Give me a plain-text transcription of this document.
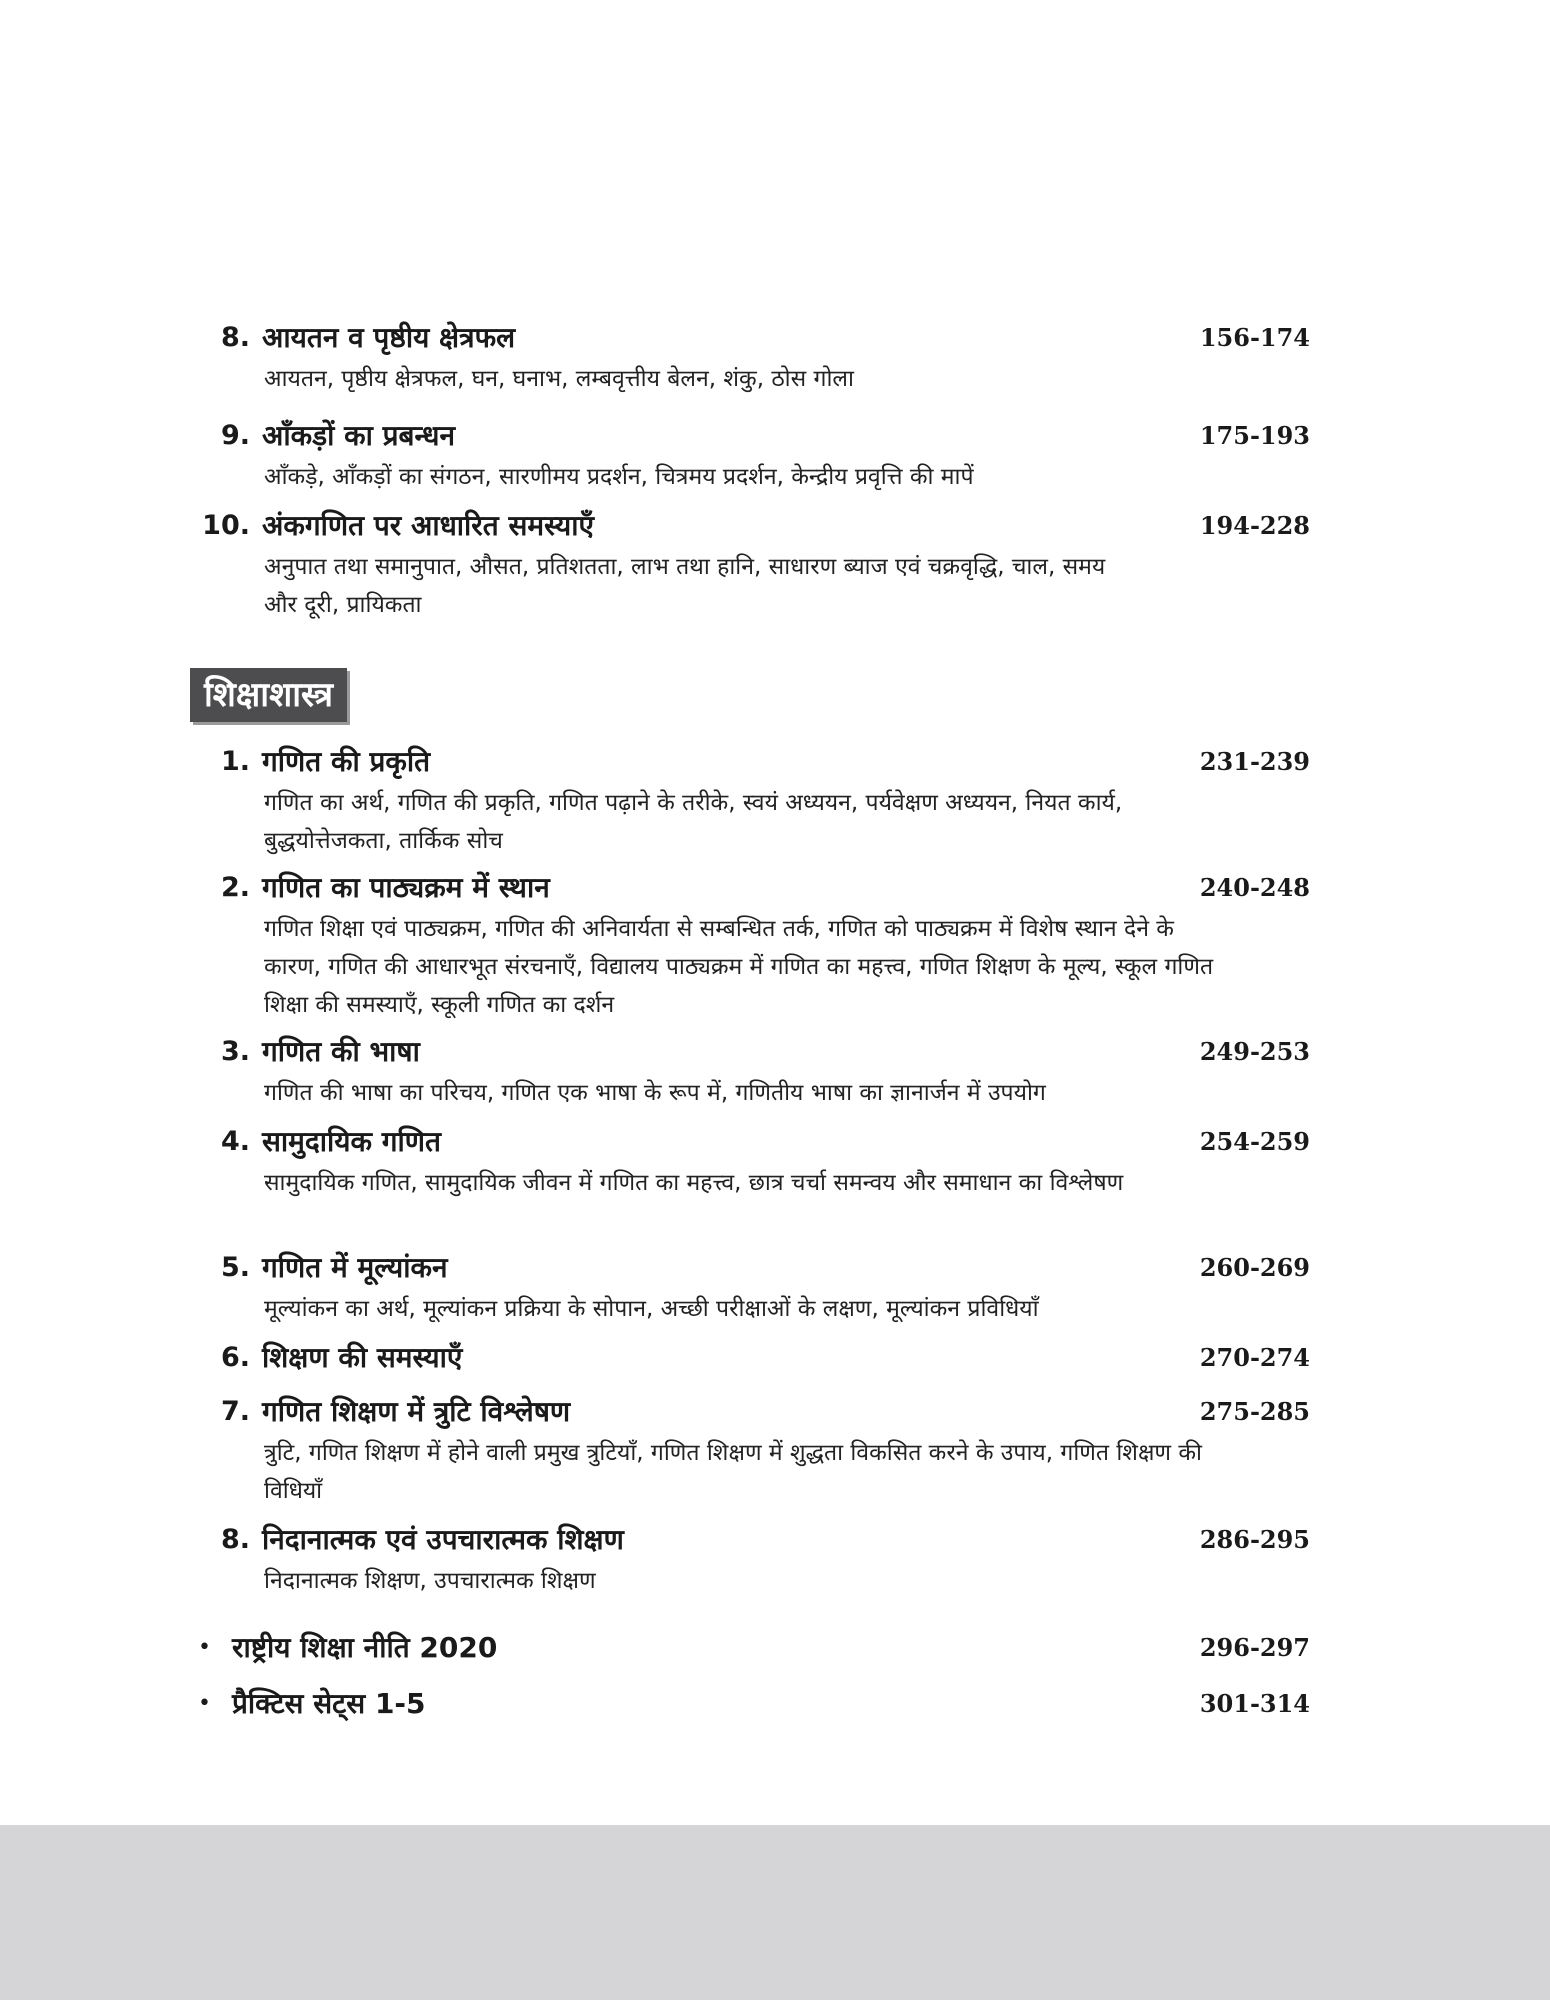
8. आयतन व पृष्ठीय क्षेत्रफल	156-174
आयतन, पृष्ठीय क्षेत्रफल, घन, घनाभ, लम्बवृत्तीय बेलन, शंकु, ठोस गोला
9. आँकड़ों का प्रबन्धन	175-193
आँकड़े, आँकड़ों का संगठन, सारणीमय प्रदर्शन, चित्रमय प्रदर्शन, केन्द्रीय प्रवृत्ति की मापें
10. अंकगणित पर आधारित समस्याएँ	194-228
अनुपात तथा समानुपात, औसत, प्रतिशतता, लाभ तथा हानि, साधारण ब्याज एवं चक्रवृद्धि, चाल, समय और दूरी, प्रायिकता
शिक्षाशास्त्र
1. गणित की प्रकृति	231-239
गणित का अर्थ, गणित की प्रकृति, गणित पढ़ाने के तरीके, स्वयं अध्ययन, पर्यवेक्षण अध्ययन, नियत कार्य, बुद्धयोत्तेजकता, तार्किक सोच
2. गणित का पाठ्यक्रम में स्थान	240-248
गणित शिक्षा एवं पाठ्यक्रम, गणित की अनिवार्यता से सम्बन्धित तर्क, गणित को पाठ्यक्रम में विशेष स्थान देने के कारण, गणित की आधारभूत संरचनाएँ, विद्यालय पाठ्यक्रम में गणित का महत्त्व, गणित शिक्षण के मूल्य, स्कूल गणित शिक्षा की समस्याएँ, स्कूली गणित का दर्शन
3. गणित की भाषा	249-253
गणित की भाषा का परिचय, गणित एक भाषा के रूप में, गणितीय भाषा का ज्ञानार्जन में उपयोग
4. सामुदायिक गणित	254-259
सामुदायिक गणित, सामुदायिक जीवन में गणित का महत्त्व, छात्र चर्चा समन्वय और समाधान का विश्लेषण
5. गणित में मूल्यांकन	260-269
मूल्यांकन का अर्थ, मूल्यांकन प्रक्रिया के सोपान, अच्छी परीक्षाओं के लक्षण, मूल्यांकन प्रविधियाँ
6. शिक्षण की समस्याएँ	270-274
7. गणित शिक्षण में त्रुटि विश्लेषण	275-285
त्रुटि, गणित शिक्षण में होने वाली प्रमुख त्रुटियाँ, गणित शिक्षण में शुद्धता विकसित करने के उपाय, गणित शिक्षण की विधियाँ
8. निदानात्मक एवं उपचारात्मक शिक्षण	286-295
निदानात्मक शिक्षण, उपचारात्मक शिक्षण
• राष्ट्रीय शिक्षा नीति 2020	296-297
• प्रैक्टिस सेट्स 1-5	301-314
